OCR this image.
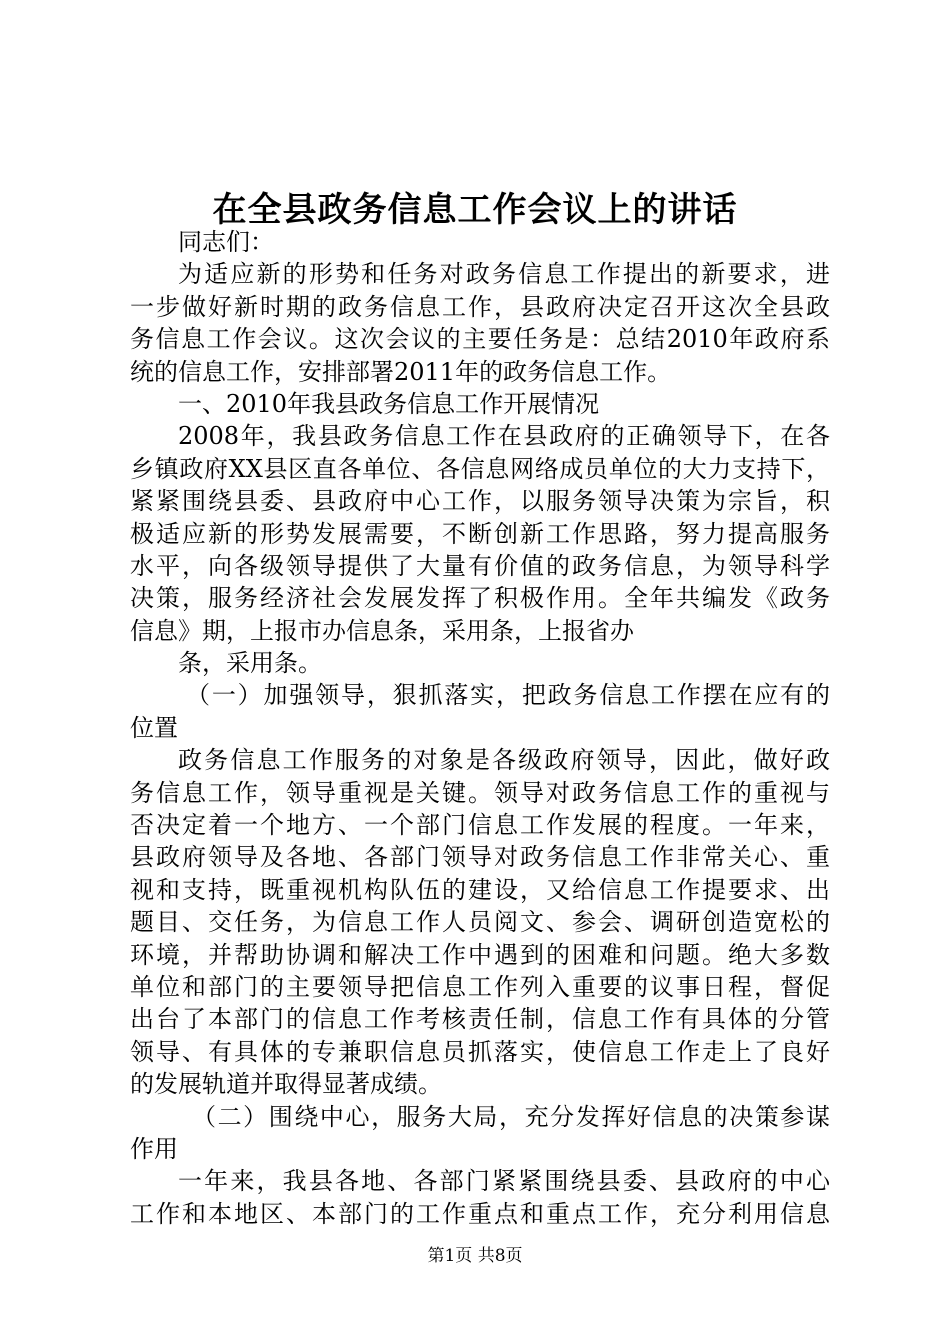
在全县政务信息工作会议上的讲话
同志们：
为适应新的形势和任务对政务信息工作提出的新要求，进
一步做好新时期的政务信息工作，县政府决定召开这次全县政
务信息工作会议。这次会议的主要任务是：总结2010年政府系
统的信息工作，安排部署2011年的政务信息工作。
一、2010年我县政务信息工作开展情况
2008年，我县政务信息工作在县政府的正确领导下，在各
乡镇政府XX县区直各单位、各信息网络成员单位的大力支持下，
紧紧围绕县委、县政府中心工作，以服务领导决策为宗旨，积
极适应新的形势发展需要，不断创新工作思路，努力提高服务
水平，向各级领导提供了大量有价值的政务信息，为领导科学
决策，服务经济社会发展发挥了积极作用。全年共编发《政务
信息》期，上报市办信息条，采用条，上报省办
条，采用条。
（一）加强领导，狠抓落实，把政务信息工作摆在应有的
位置
政务信息工作服务的对象是各级政府领导，因此，做好政
务信息工作，领导重视是关键。领导对政务信息工作的重视与
否决定着一个地方、一个部门信息工作发展的程度。一年来，
县政府领导及各地、各部门领导对政务信息工作非常关心、重
视和支持，既重视机构队伍的建设，又给信息工作提要求、出
题目、交任务，为信息工作人员阅文、参会、调研创造宽松的
环境，并帮助协调和解决工作中遇到的困难和问题。绝大多数
单位和部门的主要领导把信息工作列入重要的议事日程，督促
出台了本部门的信息工作考核责任制，信息工作有具体的分管
领导、有具体的专兼职信息员抓落实，使信息工作走上了良好
的发展轨道并取得显著成绩。
（二）围绕中心，服务大局，充分发挥好信息的决策参谋
作用
一年来，我县各地、各部门紧紧围绕县委、县政府的中心
工作和本地区、本部门的工作重点和重点工作，充分利用信息
第1页 共8页
